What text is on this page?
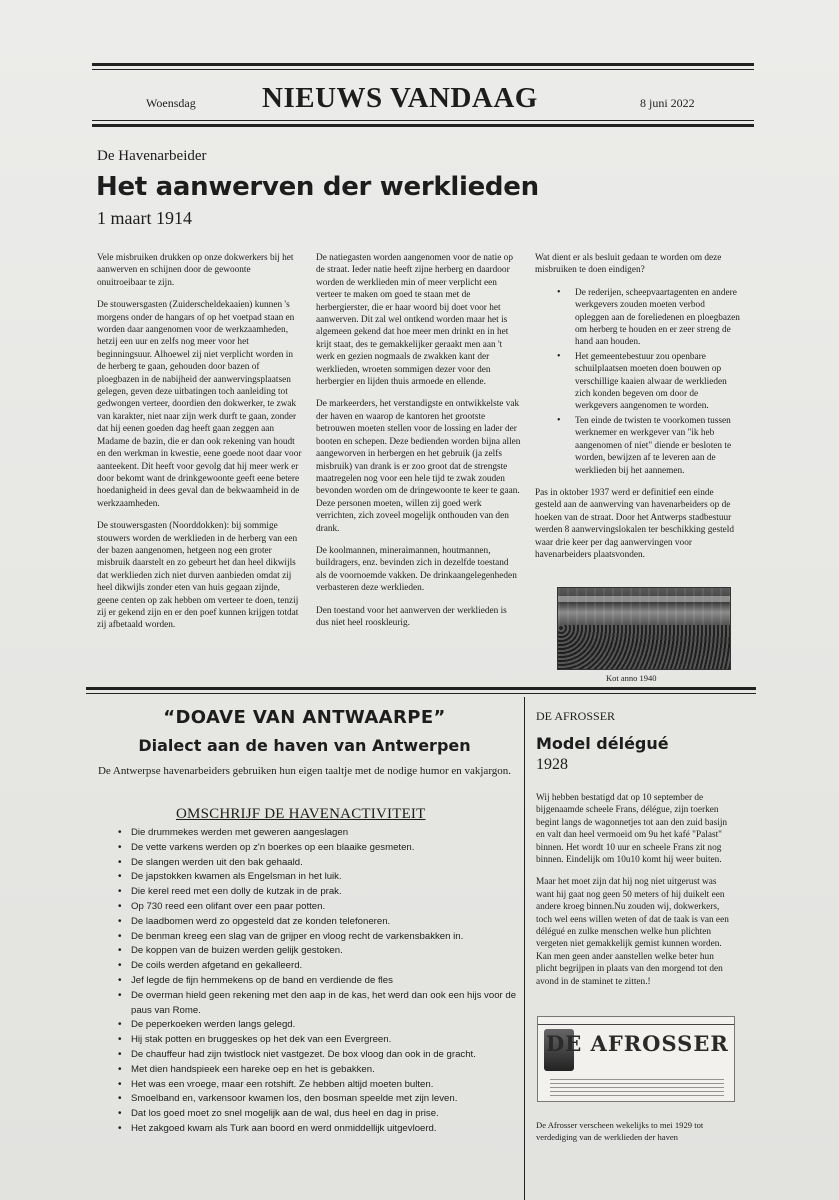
Woensdag NIEUWS VANDAAG	8 juni 2022
De Havenarbeider
Het aanwerven der werklieden
1 maart 1914

Vele misbruiken drukken op onze dokwerkers bij het aanwerven en schijnen door de gewoonte onuitroeibaar te zijn.

De stouwersgasten (Zuiderscheldekaaien) kunnen 's morgens onder de hangars of op het voetpad staan en worden daar aangenomen voor de werkzaamheden, hetzij een uur en zelfs nog meer voor het beginningsuur. Alhoewel zij niet verplicht worden in de herberg te gaan, gehouden door bazen of ploegbazen in de nabijheid der aanwervingsplaatsen gelegen, geven deze uitbatingen toch aanleiding tot gedwongen verteer, doordien den dokwerker, te zwak van karakter, niet naar zijn werk durft te gaan, zonder dat hij eenen goeden dag heeft gaan zeggen aan Madame de bazin, die er dan ook rekening van houdt en den werkman in kwestie, eene goede noot daar voor aanteekent. Dit heeft voor gevolg dat hij meer werk er door bekomt want de drinkgewoonte geeft eene betere hoedanigheid in dees geval dan de bekwaamheid in de werkzaamheden.

De stouwersgasten (Noorddokken): bij sommige stouwers worden de werklieden in de herberg van een der bazen aangenomen, hetgeen nog een groter misbruik daarstelt en zo gebeurt het dan heel dikwijls dat werklieden zich niet durven aanbieden omdat zij heel dikwijls zonder eten van huis gegaan zijnde, geene centen op zak hebben om verteer te doen, tenzij zij er gekend zijn en er den poef kunnen krijgen totdat zij afbetaald worden.

De natiegasten worden aangenomen voor de natie op de straat. Ieder natie heeft zijne herberg en daardoor worden de werklieden min of meer verplicht een verteer te maken om goed te staan met de herbergierster, die er haar woord bij doet voor het aanwerven. Dit zal wel ontkend worden maar het is algemeen gekend dat hoe meer men drinkt en in het krijt staat, des te gemakkelijker geraakt men aan 't werk en gezien nogmaals de zwakken kant der werklieden, wroeten sommigen dezer voor den herbergier en lijden thuis armoede en ellende.

De markeerders, het verstandigste en ontwikkelste vak der haven en waarop de kantoren het grootste betrouwen moeten stellen voor de lossing en lader der booten en schepen. Deze bedienden worden bijna allen aangeworven in herbergen en het gebruik (ja zelfs misbruik) van drank is er zoo groot dat de strengste maatregelen nog voor een hele tijd te zwak zouden bevonden worden om de dringewoonte te keer te gaan. Deze personen moeten, willen zij goed werk verrichten, zich zoveel mogelijk onthouden van den drank.

De koolmannen, mineraimannen, houtmannen, buildragers, enz. bevinden zich in dezelfde toestand als de voornoemde vakken. De drinkaangelegenheden verbasteren deze werklieden.

Den toestand voor het aanwerven der werklieden is dus niet heel rooskleurig.

Wat dient er als besluit gedaan te worden om deze misbruiken te doen eindigen?

• De rederijen, scheepvaartagenten en andere werkgevers zouden moeten verbod opleggen aan de foreliedenen en ploegbazen om herberg te houden en er zeer streng de hand aan houden.
• Het gemeentebestuur zou openbare schuilplaatsen moeten doen bouwen op verschillige kaaien alwaar de werklieden zich konden begeven om door de werkgevers aangenomen te worden.
• Ten einde de twisten te voorkomen tussen werknemer en werkgever van "ik heb aangenomen of niet" diende er besloten te worden, bewijzen af te leveren aan de werklieden bij het aannemen.

Pas in oktober 1937 werd er definitief een einde gesteld aan de aanwerving van havenarbeiders op de hoeken van de straat. Door het Antwerps stadbestuur werden 8 aanwervingslokalen ter beschikking gesteld waar drie keer per dag aanwervingen voor havenarbeiders plaatsvonden.

Kot anno 1940
“DOAVE VAN ANTWAARPE”
Dialect aan de haven van Antwerpen
De Antwerpse havenarbeiders gebruiken hun eigen taaltje met de nodige humor en vakjargon.
OMSCHRIJF DE HAVENACTIVITEIT
• Die drummekes werden met geweren aangeslagen
• De vette varkens werden op z'n boerkes op een blaaike gesmeten.
• De slangen werden uit den bak gehaald.
• De japstokken kwamen als Engelsman in het luik.
• Die kerel reed met een dolly de kutzak in de prak.
• Op 730 reed een olifant over een paar potten.
• De laadbomen werd zo opgesteld dat ze konden telefoneren.
• De benman kreeg een slag van de grijper en vloog recht de varkensbakken in.
• De koppen van de buizen werden gelijk gestoken.
• De coils werden afgetand en gekalleerd.
• Jef legde de fijn hemmekens op de band en verdiende de fles
• De overman hield geen rekening met den aap in de kas, het werd dan ook een hijs voor de paus van Rome.
• De peperkoeken werden langs gelegd.
• Hij stak potten en bruggeskes op het dek van een Evergreen.
• De chauffeur had zijn twistlock niet vastgezet. De box vloog dan ook in de gracht.
• Met dien handspieek een hareke oep en het is gebakken.
• Het was een vroege, maar een rotshift. Ze hebben altijd moeten bulten.
• Smoelband en, varkensoor kwamen los, den bosman speelde met zijn leven.
• Dat los goed moet zo snel mogelijk aan de wal, dus heel en dag in prise.
• Het zakgoed kwam als Turk aan boord en werd onmiddellijk uitgevloerd.
DE AFROSSER
Model délégué
1928

Wij hebben bestatigd dat op 10 september de bijgenaamde scheele Frans, délégue, zijn toerken begint langs de wagonnetjes tot aan den zuid basijn en valt dan heel vermoeid om 9u het kafé "Palast" binnen. Het wordt 10 uur en scheele Frans zit nog binnen. Eindelijk om 10u10 komt hij weer buiten.

Maar het moet zijn dat hij nog niet uitgerust was want hij gaat nog geen 50 meters of hij duikelt een andere kroeg binnen.Nu zouden wij, dokwerkers, toch wel eens willen weten of dat de taak is van een délégué en zulke menschen welke hun plichten vergeten niet gemakkelijk gemist kunnen worden. Kan men geen ander aanstellen welke beter hun plicht begrijpen in plaats van den morgend tot den avond in de staminet te zitten.!

DE AFROSSER
De Afrosser verscheen wekelijks to mei 1929 tot verdediging van de werklieden der haven
